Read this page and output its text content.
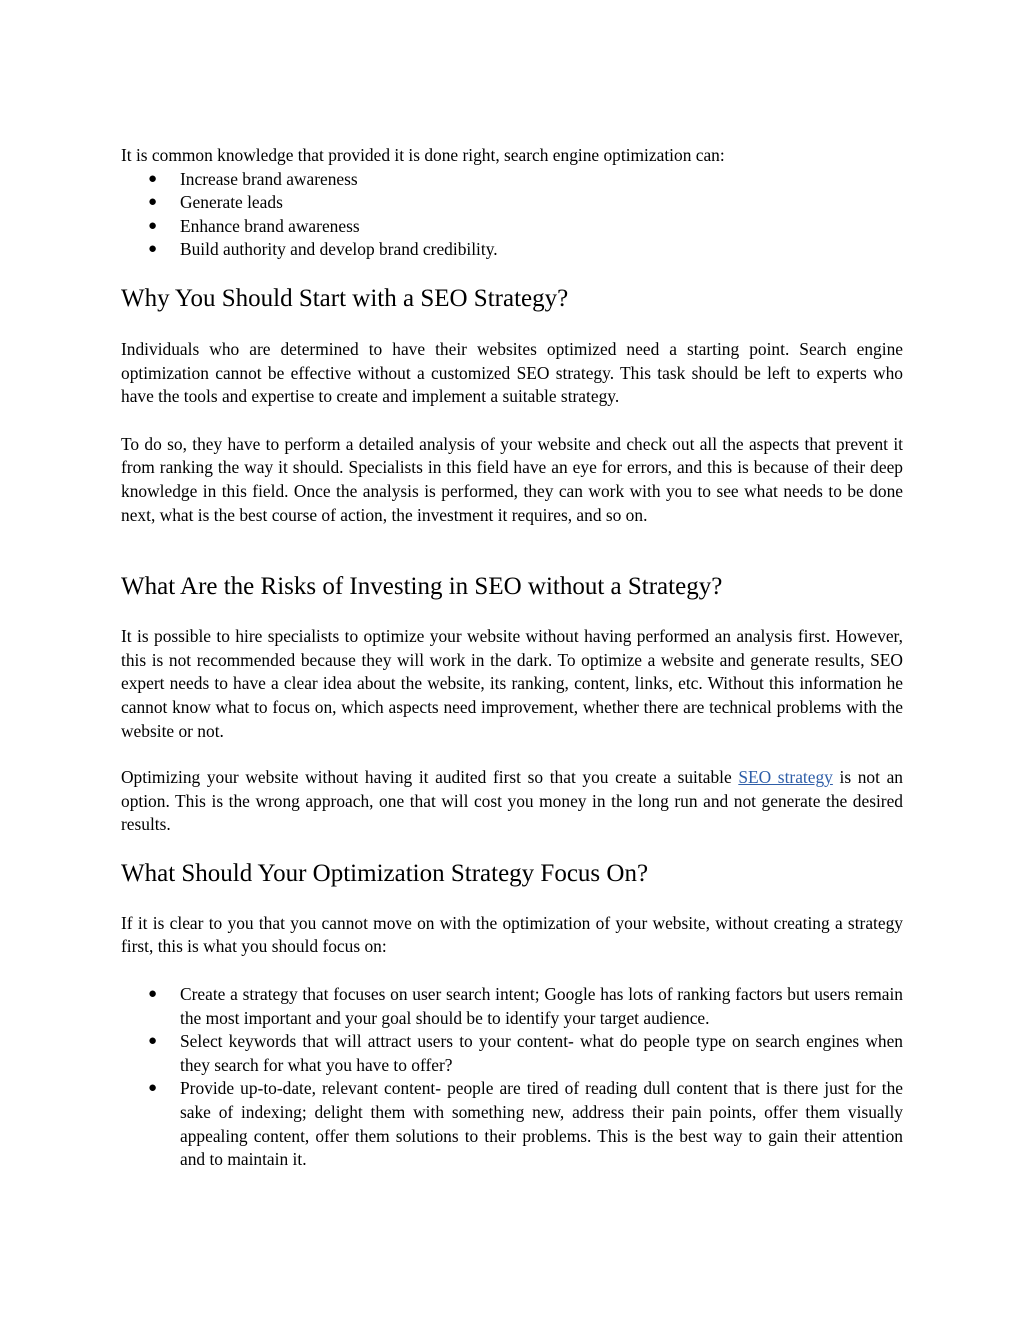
It is common knowledge that provided it is done right, search engine optimization can:

● Increase brand awareness
● Generate leads
● Enhance brand awareness
● Build authority and develop brand credibility.
Why You Should Start with a SEO Strategy?

Individuals who are determined to have their websites optimized need a starting point. Search engine optimization cannot be effective without a customized SEO strategy. This task should be left to experts who have the tools and expertise to create and implement a suitable strategy.

To do so, they have to perform a detailed analysis of your website and check out all the aspects that prevent it from ranking the way it should. Specialists in this field have an eye for errors, and this is because of their deep knowledge in this field. Once the analysis is performed, they can work with you to see what needs to be done next, what is the best course of action, the investment it requires, and so on.

What Are the Risks of Investing in SEO without a Strategy?

It is possible to hire specialists to optimize your website without having performed an analysis first. However, this is not recommended because they will work in the dark. To optimize a website and generate results, SEO expert needs to have a clear idea about the website, its ranking, content, links, etc. Without this information he cannot know what to focus on, which aspects need improvement, whether there are technical problems with the website or not.

Optimizing your website without having it audited first so that you create a suitable SEO strategy is not an option. This is the wrong approach, one that will cost you money in the long run and not generate the desired results.

What Should Your Optimization Strategy Focus On?

If it is clear to you that you cannot move on with the optimization of your website, without creating a strategy first, this is what you should focus on:

● Create a strategy that focuses on user search intent; Google has lots of ranking factors but users remain the most important and your goal should be to identify your target audience.
● Select keywords that will attract users to your content- what do people type on search engines when they search for what you have to offer?
● Provide up-to-date, relevant content- people are tired of reading dull content that is there just for the sake of indexing; delight them with something new, address their pain points, offer them visually appealing content, offer them solutions to their problems. This is the best way to gain their attention and to maintain it.
